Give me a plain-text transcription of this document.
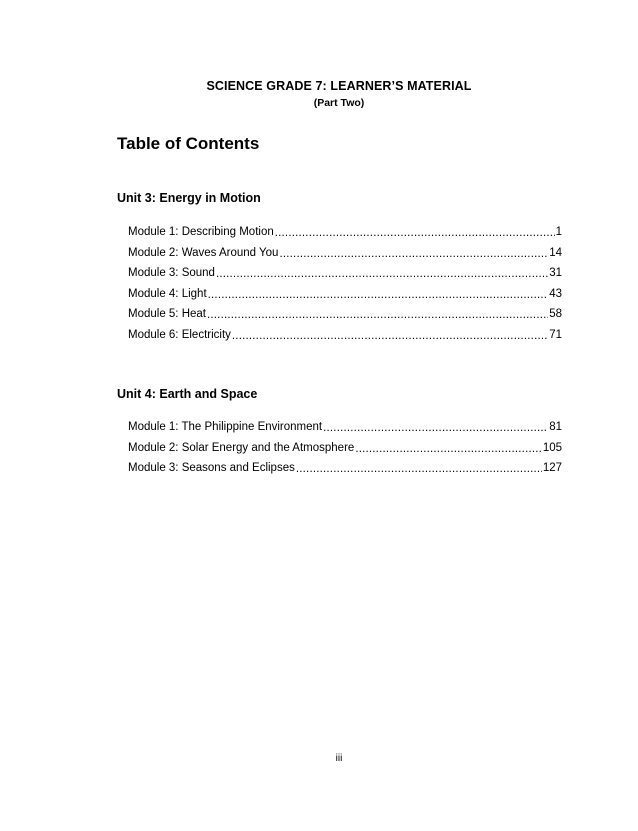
SCIENCE GRADE 7: LEARNER’S MATERIAL
(Part Two)
Table of Contents
Unit 3: Energy in Motion
Module 1: Describing Motion .....	1
Module 2: Waves Around You .....	14
Module 3: Sound .....	31
Module 4: Light .....	43
Module 5: Heat .....	58
Module 6: Electricity .....	71
Unit 4: Earth and Space
Module 1: The Philippine Environment .....	81
Module 2: Solar Energy and the Atmosphere .....	105
Module 3: Seasons and Eclipses .....	127
iii
